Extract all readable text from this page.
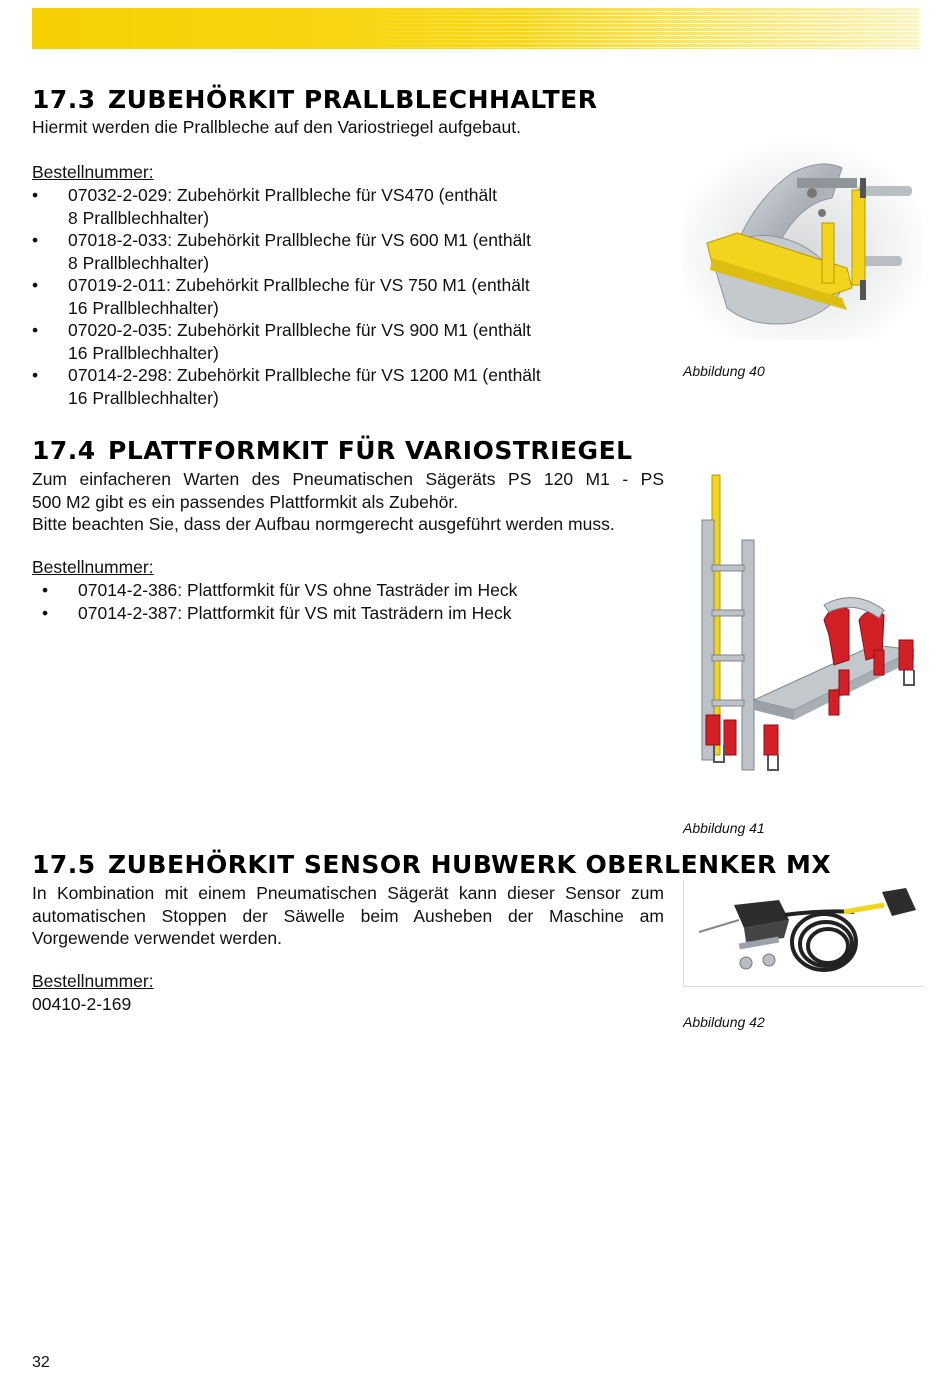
17.3 ZUBEHÖRKIT PRALLBLECHHALTER

Hiermit werden die Prallbleche auf den Variostriegel aufgebaut.

Bestellnummer:

• 07032-2-029: Zubehörkit Prallbleche für VS470 (enthält
8 Prallblechhalter)
• 07018-2-033: Zubehörkit Prallbleche für VS 600 M1 (enthält
8 Prallblechhalter)
• 07019-2-011: Zubehörkit Prallbleche für VS 750 M1 (enthält
16 Prallblechhalter)
• 07020-2-035: Zubehörkit Prallbleche für VS 900 M1 (enthält
16 Prallblechhalter)
• 07014-2-298: Zubehörkit Prallbleche für VS 1200 M1 (enthält
16 Prallblechhalter)

Abbildung 40

17.4 PLATTFORMKIT FÜR VARIOSTRIEGEL

Zum einfacheren Warten des Pneumatischen Sägeräts PS 120 M1 - PS
500 M2 gibt es ein passendes Plattformkit als Zubehör.
Bitte beachten Sie, dass der Aufbau normgerecht ausgeführt werden muss.

Bestellnummer:

• 07014-2-386: Plattformkit für VS ohne Tasträder im Heck
• 07014-2-387: Plattformkit für VS mit Tasträdern im Heck

Abbildung 41

17.5 ZUBEHÖRKIT SENSOR HUBWERK OBERLENKER MX

In Kombination mit einem Pneumatischen Sägerät kann dieser Sensor zum
automatischen Stoppen der Säwelle beim Ausheben der Maschine am
Vorgewende verwendet werden.

Bestellnummer:

00410-2-169

Abbildung 42

32
